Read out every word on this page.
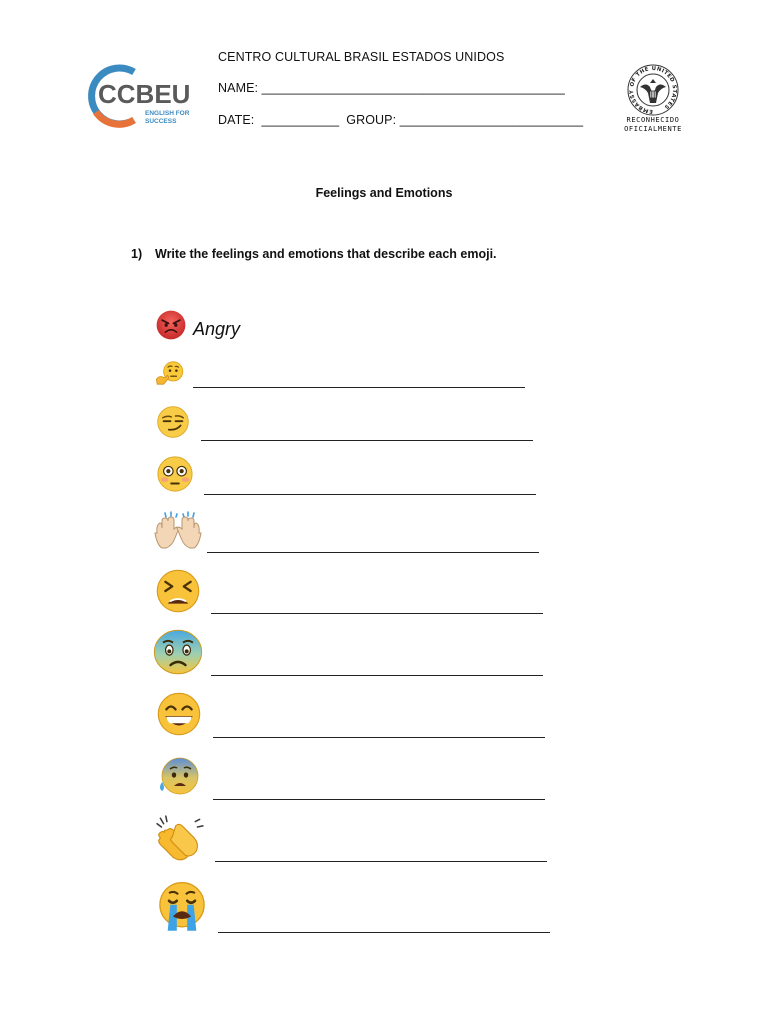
CCBEU
ENGLISH FOR
SUCCESS
CENTRO CULTURAL BRASIL ESTADOS UNIDOS
NAME: ___________________________________________
DATE: ___________ GROUP: __________________________
EMBASSY OF THE UNITED STATES
RECONHECIDO
OFICIALMENTE
Feelings and Emotions
1) Write the feelings and emotions that describe each emoji.
Angry
